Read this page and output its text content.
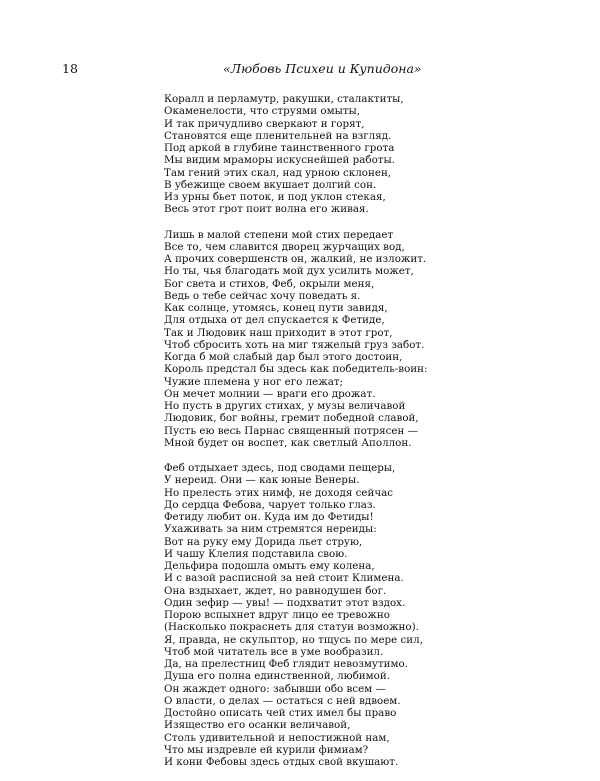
18	«Любовь Психеи и Купидона»
Коралл и перламутр, ракушки, сталактиты,
Окаменелости, что струями омыты,
И так причудливо сверкают и горят,
Становятся еще пленительней на взгляд.
Под аркой в глубине таинственного грота
Мы видим мраморы искуснейшей работы.
Там гений этих скал, над урною склонен,
В убежище своем вкушает долгий сон.
Из урны бьет поток, и под уклон стекая,
Весь этот грот поит волна его живая.
Лишь в малой степени мой стих передает
Все то, чем славится дворец журчащих вод,
А прочих совершенств он, жалкий, не изложит.
Но ты, чья благодать мой дух усилить может,
Бог света и стихов, Феб, окрыли меня,
Ведь о тебе сейчас хочу поведать я.
Как солнце, утомясь, конец пути завидя,
Для отдыха от дел спускается к Фетиде,
Так и Людовик наш приходит в этот грот,
Чтоб сбросить хоть на миг тяжелый груз забот.
Когда б мой слабый дар был этого достоин,
Король предстал бы здесь как победитель-воин:
Чужие племена у ног его лежат;
Он мечет молнии — враги его дрожат.
Но пусть в других стихах, у музы величавой
Людовик, бог войны, гремит победной славой,
Пусть ею весь Парнас священный потрясен —
Мной будет он воспет, как светлый Аполлон.
Феб отдыхает здесь, под сводами пещеры,
У нереид. Они — как юные Венеры.
Но прелесть этих нимф, не доходя сейчас
До сердца Фебова, чарует только глаз.
Фетиду любит он. Куда им до Фетиды!
Ухаживать за ним стремятся нереиды:
Вот на руку ему Дорида льет струю,
И чашу Клелия подставила свою.
Дельфира подошла омыть ему колена,
И с вазой расписной за ней стоит Климена.
Она вздыхает, ждет, но равнодушен бог.
Один зефир — увы! — подхватит этот вздох.
Порою вспыхнет вдруг лицо ее тревожно
(Насколько покраснеть для статуи возможно).
Я, правда, не скульптор, но тщусь по мере сил,
Чтоб мой читатель все в уме вообразил.
Да, на прелестниц Феб глядит невозмутимо.
Душа его полна единственной, любимой.
Он жаждет одного: забывши обо всем —
О власти, о делах — остаться с ней вдвоем.
Достойно описать чей стих имел бы право
Изящество его осанки величавой,
Столь удивительной и непостижной нам,
Что мы издревле ей курили фимиам?
И кони Фебовы здесь отдых свой вкушают.
